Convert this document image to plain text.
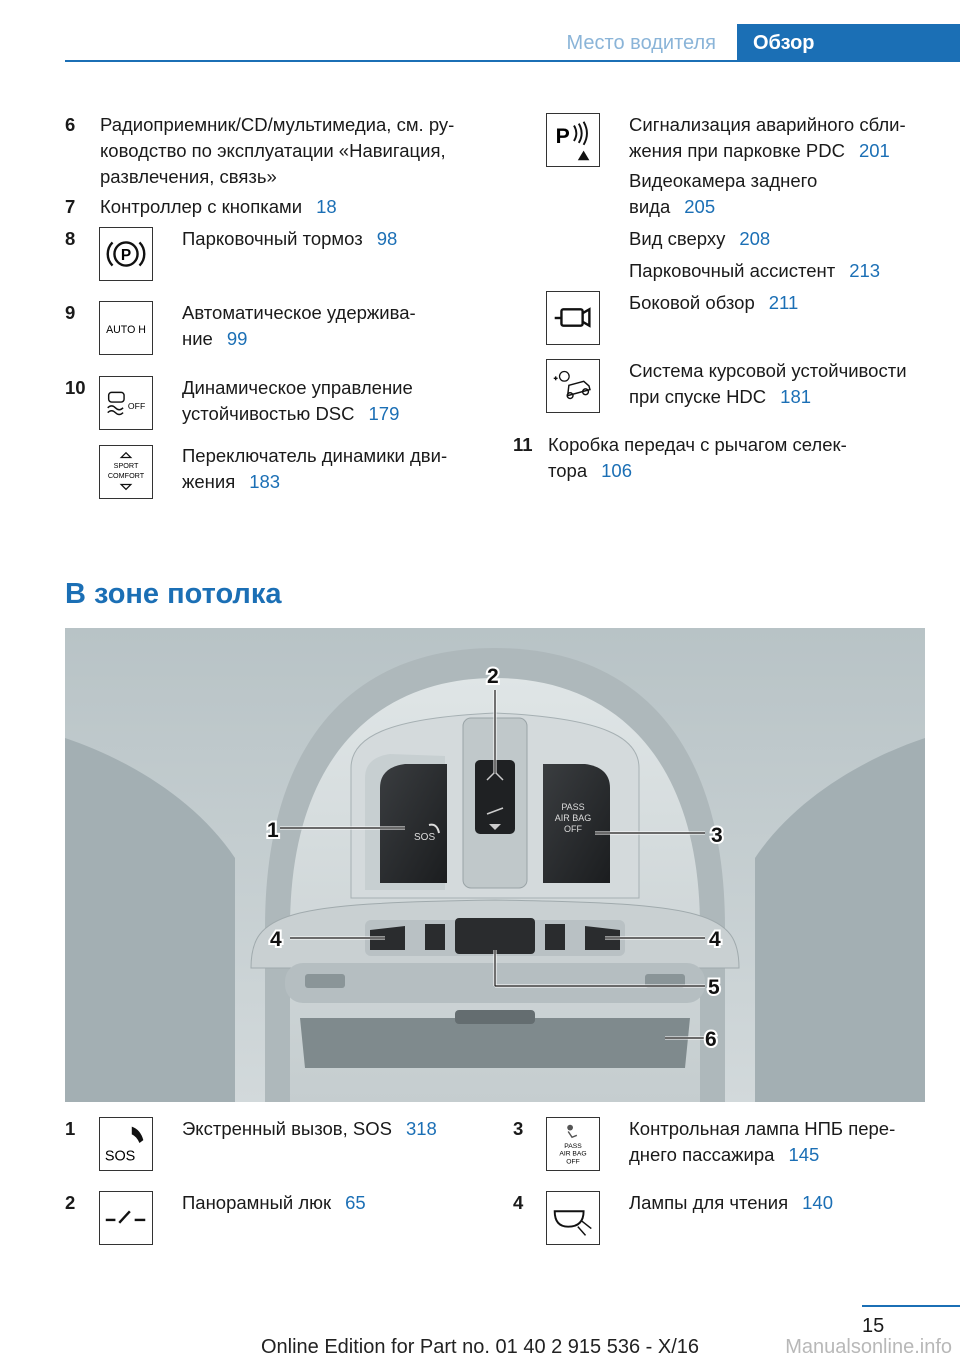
Место водителя	Обзор
6 Радиоприемник/CD/мультимедиа, см. ру-
ководство по эксплуатации «Навигация,
развлечения, связь»
7 Контроллер с кнопками 18
8
P
Парковочный тормоз 98
9
AUTO H
Автоматическое удержива-
ние 99
10
OFF
Динамическое управление
устойчивостью DSC 179
SPORT
COMFORT
Переключатель динамики дви-
жения 183
P
Сигнализация аварийного сбли-
жения при парковке PDC 201
Видеокамера заднего
вида 205
Вид сверху 208
Парковочный ассистент 213
Боковой обзор 211
Система курсовой устойчивости
при спуске HDC 181
11 Коробка передач с рычагом селек-
тора 106
В зоне потолка
SOS
PASS
AIR BAG
OFF
1
2
3
4	4
5
6
1
SOS
Экстренный вызов, SOS 318
2	Панорамный люк 65
3
PASS
AIR BAG
OFF
Контрольная лампа НПБ пере-
днего пассажира 145
4	Лампы для чтения 140
15
Online Edition for Part no. 01 40 2 915 536 - X/16	Manualsonline.info
